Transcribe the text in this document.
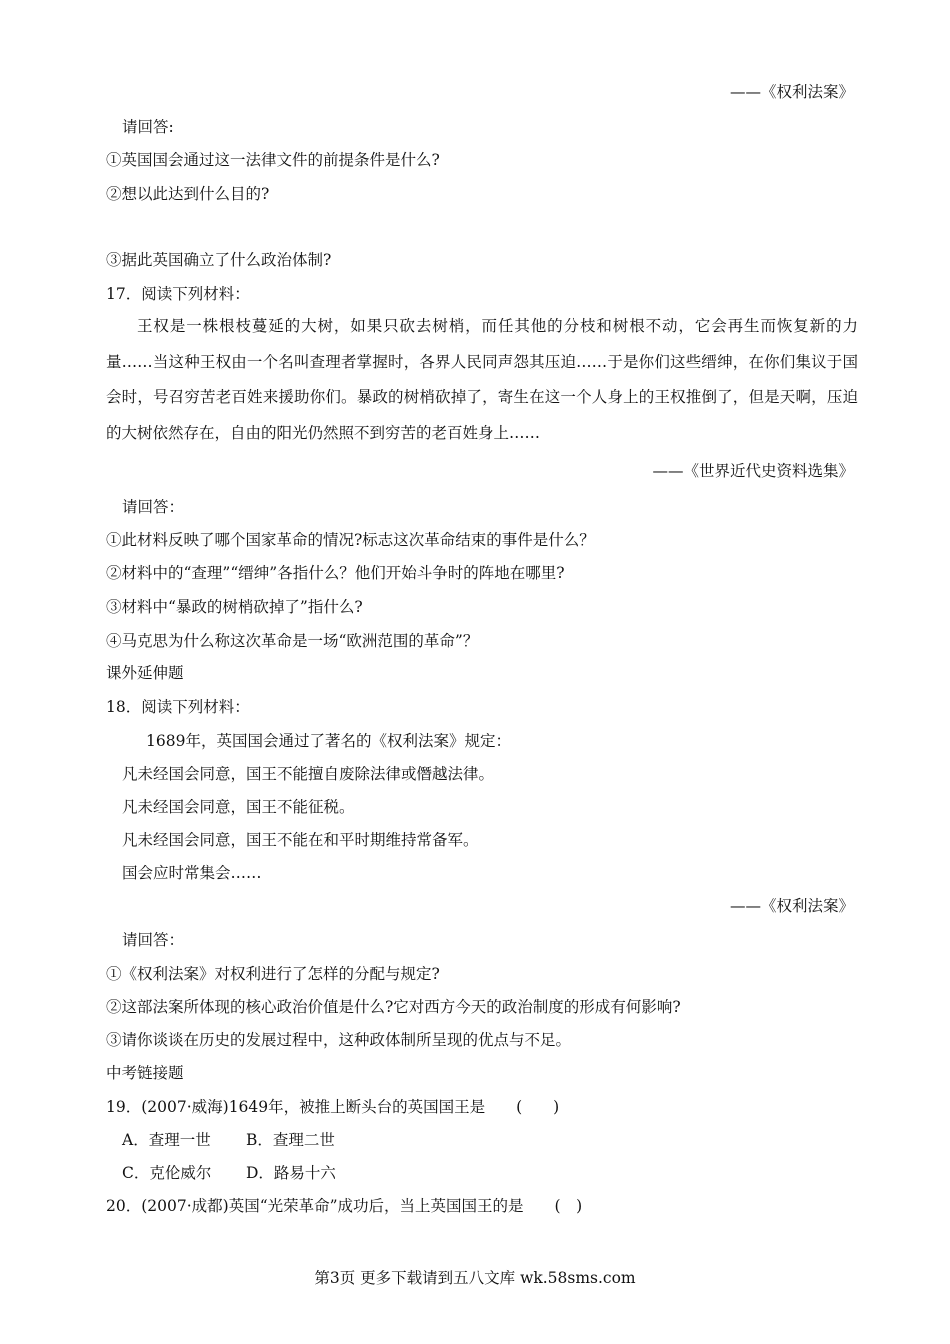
——《权利法案》
请回答:
①英国国会通过这一法律文件的前提条件是什么?
②想以此达到什么目的?
③据此英国确立了什么政治体制?
17．阅读下列材料：
王权是一株根枝蔓延的大树，如果只砍去树梢，而任其他的分枝和树根不动，它会再生而恢复新的力量……当这种王权由一个名叫查理者掌握时，各界人民同声怨其压迫……于是你们这些缙绅，在你们集议于国会时，号召穷苦老百姓来援助你们。暴政的树梢砍掉了，寄生在这一个人身上的王权推倒了，但是天啊，压迫的大树依然存在，自由的阳光仍然照不到穷苦的老百姓身上……
——《世界近代史资料选集》
请回答：
①此材料反映了哪个国家革命的情况?标志这次革命结束的事件是什么？
②材料中的“查理”“缙绅”各指什么？他们开始斗争时的阵地在哪里?
③材料中“暴政的树梢砍掉了”指什么?
④马克思为什么称这次革命是一场“欧洲范围的革命”？
课外延伸题
18．阅读下列材料：
1689年，英国国会通过了著名的《权利法案》规定：
凡未经国会同意，国王不能擅自废除法律或僭越法律。
凡未经国会同意，国王不能征税。
凡未经国会同意，国王不能在和平时期维持常备军。
国会应时常集会……
——《权利法案》
请回答：
①《权利法案》对权利进行了怎样的分配与规定?
②这部法案所体现的核心政治价值是什么?它对西方今天的政治制度的形成有何影响?
③请你谈谈在历史的发展过程中，这种政体制所呈现的优点与不足。
中考链接题
19．(2007·威海)1649年，被推上断头台的英国国王是　　(　　)
A．查理一世 B．查理二世
C．克伦威尔 D．路易十六
20．(2007·成都)英国“光荣革命”成功后，当上英国国王的是　　(　)
第3页 更多下载请到五八文库 wk.58sms.com
